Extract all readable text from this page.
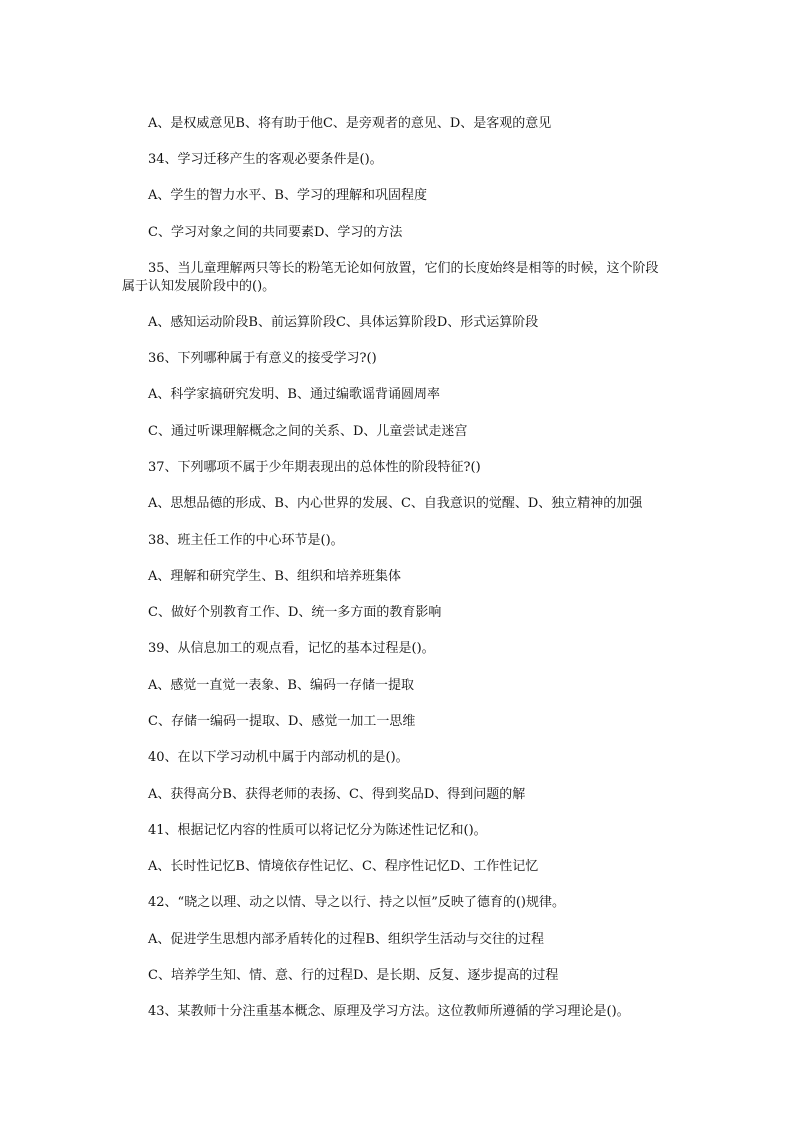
A、是权威意见B、将有助于他C、是旁观者的意见、D、是客观的意见
34、学习迁移产生的客观必要条件是()。
A、学生的智力水平、B、学习的理解和巩固程度
C、学习对象之间的共同要素D、学习的方法
35、当儿童理解两只等长的粉笔无论如何放置，它们的长度始终是相等的时候，这个阶段属于认知发展阶段中的()。
A、感知运动阶段B、前运算阶段C、具体运算阶段D、形式运算阶段
36、下列哪种属于有意义的接受学习?()
A、科学家搞研究发明、B、通过编歌谣背诵圆周率
C、通过听课理解概念之间的关系、D、儿童尝试走迷宫
37、下列哪项不属于少年期表现出的总体性的阶段特征?()
A、思想品德的形成、B、内心世界的发展、C、自我意识的觉醒、D、独立精神的加强
38、班主任工作的中心环节是()。
A、理解和研究学生、B、组织和培养班集体
C、做好个别教育工作、D、统一多方面的教育影响
39、从信息加工的观点看，记忆的基本过程是()。
A、感觉一直觉一表象、B、编码一存储一提取
C、存储一编码一提取、D、感觉一加工一思维
40、在以下学习动机中属于内部动机的是()。
A、获得高分B、获得老师的表扬、C、得到奖品D、得到问题的解
41、根据记忆内容的性质可以将记忆分为陈述性记忆和()。
A、长时性记忆B、情境依存性记忆、C、程序性记忆D、工作性记忆
42、“晓之以理、动之以情、导之以行、持之以恒”反映了德育的()规律。
A、促进学生思想内部矛盾转化的过程B、组织学生活动与交往的过程
C、培养学生知、情、意、行的过程D、是长期、反复、逐步提高的过程
43、某教师十分注重基本概念、原理及学习方法。这位教师所遵循的学习理论是()。
